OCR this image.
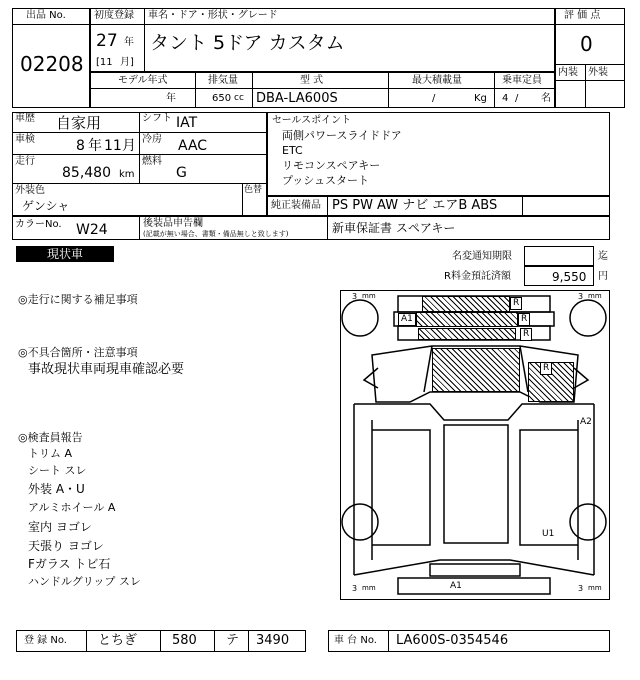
出品 No.
02208
初度登録 車名・ドア・形状・グレード
27 年
[11 月]
タント 5ドア カスタム
評 価 点
0
内装 外装
モデル年式	排気量	型 式	最大積載量	乗車定員
年	650 cc DBA-LA600S	/	Kg 4 / 名
車歴 自家用	シフト IAT
車検	8 年 11 月 冷房 AAC
走行
85,480 km
燃料
G
外装色
ゲンシャ
色替
セールスポイント
両側パワースライドドア
ETC
リモコンスペアキー
プッシュスタート
純正装備品 PS PW AW ナビ エアB ABS
カラーNo. W24	後装品申告欄
(記載が無い場合、書類・備品無しと致します)	新車保証書 スペアキー
現状車	名変通知期限	迄
R料金預託済額	9,550 円
◎走行に関する補足事項
◎不具合箇所・注意事項
事故現状車両現車確認必要
◎検査員報告
トリム A
シート スレ
外装 A・U
アルミホイール A
室内 ヨゴレ
天張り ヨゴレ
Fガラス トビ石
ハンドルグリップ スレ
3 mm	3 mm
3 mm	3 mm
R
A1	R
R
R
A2
U1
A1
登 録 No. とちぎ	580 テ 3490	車 台 No. LA600S-0354546
